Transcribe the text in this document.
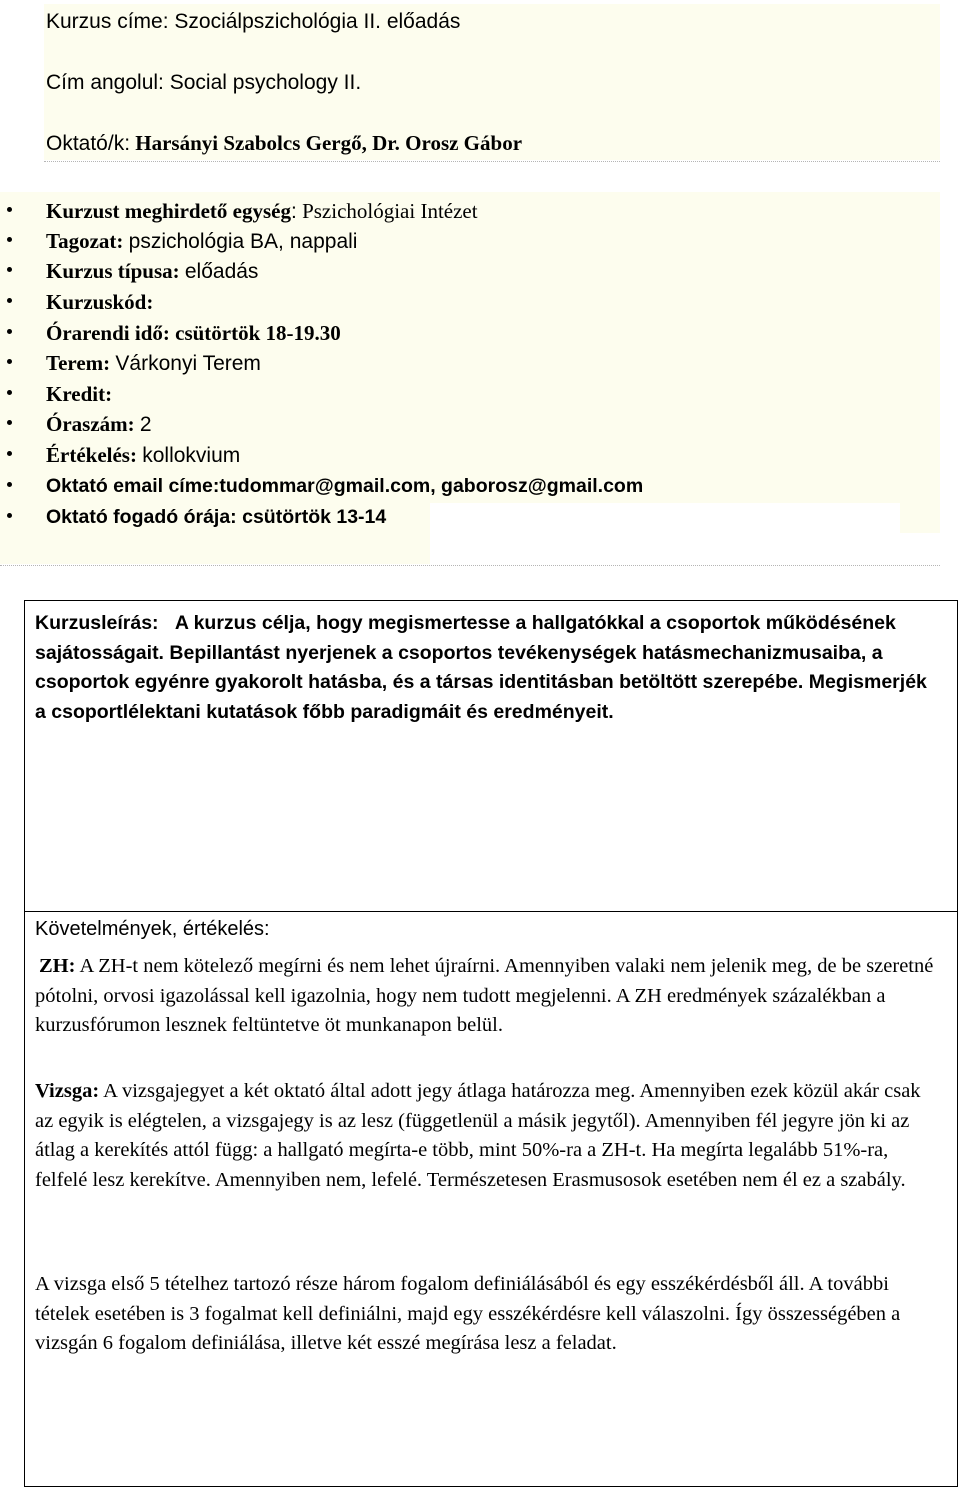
Kurzus címe: Szociálpszichológia II. előadás
Cím angolul: Social psychology II.
Oktató/k: Harsányi Szabolcs Gergő, Dr. Orosz Gábor
Kurzust meghirdető egység: Pszichológiai Intézet
Tagozat: pszichológia BA, nappali
Kurzus típusa: előadás
Kurzuskód:
Órarendi idő: csütörtök 18-19.30
Terem: Várkonyi Terem
Kredit:
Óraszám: 2
Értékelés: kollokvium
Oktató email címe:tudommar@gmail.com, gaborosz@gmail.com
Oktató fogadó órája: csütörtök 13-14
Kurzusleírás: A kurzus célja, hogy megismertesse a hallgatókkal a csoportok működésének sajátosságait. Bepillantást nyerjenek a csoportos tevékenységek hatásmechanizmusaiba, a csoportok egyénre gyakorolt hatásba, és a társas identitásban betöltött szerepébe. Megismerjék a csoportlélektani kutatások főbb paradigmáit és eredményeit.
Követelmények, értékelés:
ZH: A ZH-t nem kötelező megírni és nem lehet újraírni. Amennyiben valaki nem jelenik meg, de be szeretné pótolni, orvosi igazolással kell igazolnia, hogy nem tudott megjelenni. A ZH eredmények százalékban a kurzusfórumon lesznek feltüntetve öt munkanapon belül.
Vizsga: A vizsgajegyet a két oktató által adott jegy átlaga határozza meg. Amennyiben ezek közül akár csak az egyik is elégtelen, a vizsgajegy is az lesz (függetlenül a másik jegytől). Amennyiben fél jegyre jön ki az átlag a kerekítés attól függ: a hallgató megírta-e több, mint 50%-ra a ZH-t. Ha megírta legalább 51%-ra, felfelé lesz kerekítve. Amennyiben nem, lefelé. Természetesen Erasmusosok esetében nem él ez a szabály.
A vizsga első 5 tételhez tartozó része három fogalom definiálásából és egy esszékérdésből áll. A további tételek esetében is 3 fogalmat kell definiálni, majd egy esszékérdésre kell válaszolni. Így összességében a vizsgán 6 fogalom definiálása, illetve két esszé megírása lesz a feladat.
